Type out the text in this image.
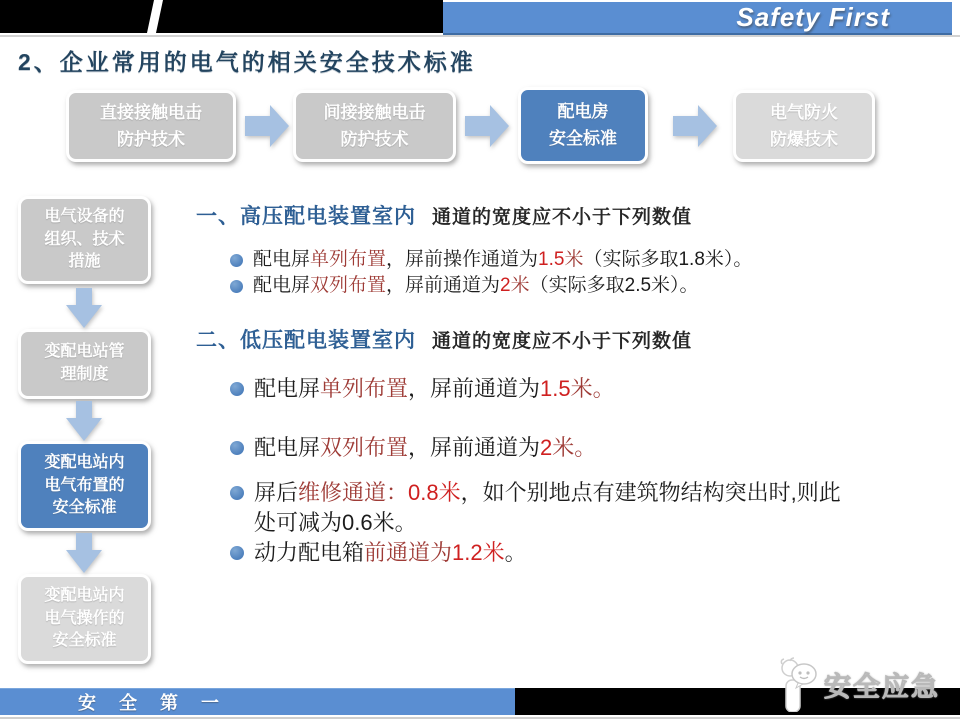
Safety First
2、企业常用的电气的相关安全技术标准
直接接触电击
防护技术
间接接触电击
防护技术
配电房
安全标准
电气防火
防爆技术
电气设备的
组织、技术
措施
变配电站管
理制度
变配电站内
电气布置的
安全标准
变配电站内
电气操作的
安全标准
一、高压配电装置室内 通道的宽度应不小于下列数值
配电屏单列布置，屏前操作通道为1.5米（实际多取1.8米）。
配电屏双列布置，屏前通道为2米（实际多取2.5米）。
二、低压配电装置室内 通道的宽度应不小于下列数值
配电屏单列布置，屏前通道为1.5米。
配电屏双列布置，屏前通道为2米。
屏后维修通道：0.8米，如个别地点有建筑物结构突出时,则此
处可减为0.6米。
动力配电箱前通道为1.2米。
安 全 第 一
安全应急
